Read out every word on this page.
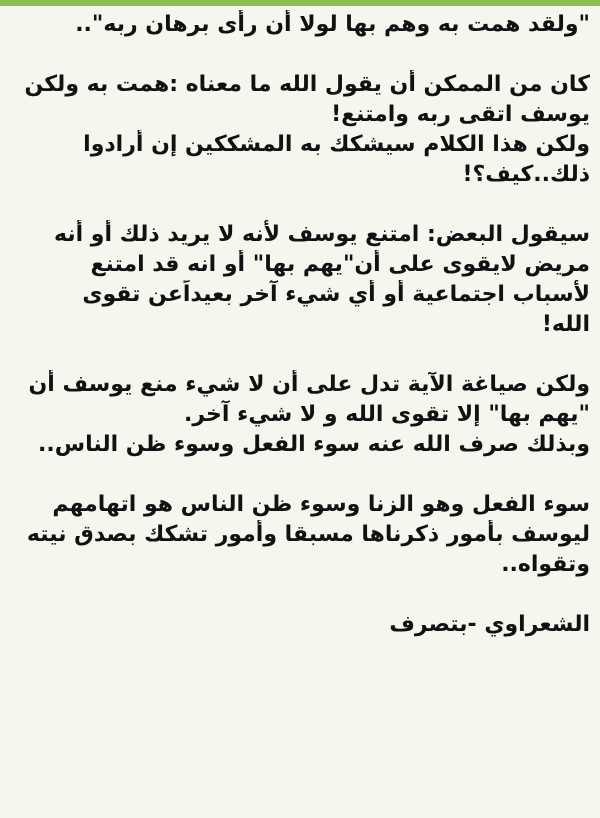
"ولقد همت به وهم بها لولا أن رأى برهان ربه"..
كان من الممكن أن يقول الله ما معناه :همت به ولكن
يوسف اتقى ربه وامتنع!
ولكن هذا الكلام سيشكك به المشككين إن أرادوا
ذلك..كيف؟!
سيقول البعض: امتنع يوسف لأنه لا يريد ذلك أو أنه
مريض لايقوى على أن"يهم بها" أو انه قد امتنع
لأسباب اجتماعية أو أي شيء آخر بعيداًعن تقوى
الله!
ولكن صياغة الآية تدل على أن لا شيء منع يوسف أن
"يهم بها" إلا تقوى الله و لا شيء آخر.
وبذلك صرف الله عنه سوء الفعل وسوء ظن الناس..
سوء الفعل وهو الزنا وسوء ظن الناس هو اتهامهم
ليوسف بأمور ذكرناها مسبقا وأمور تشكك بصدق نيته
وتقواه..
الشعراوي -بتصرف
